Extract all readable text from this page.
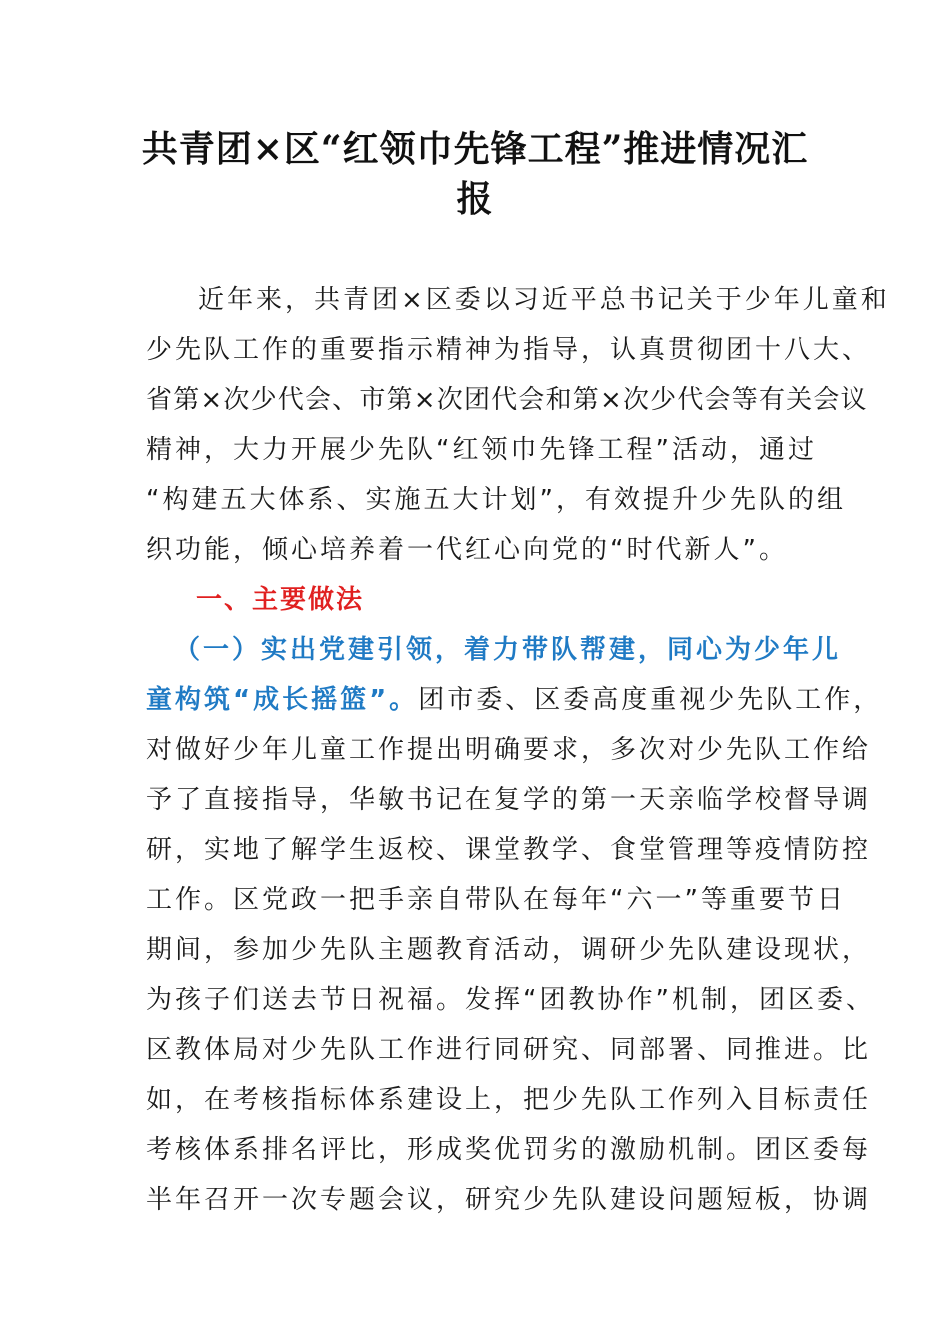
共青团×区“红领巾先锋工程”推进情况汇
报
近年来，共青团×区委以习近平总书记关于少年儿童和
少先队工作的重要指示精神为指导，认真贯彻团十八大、
省第×次少代会、市第×次团代会和第×次少代会等有关会议
精神，大力开展少先队“红领巾先锋工程”活动，通过
“构建五大体系、实施五大计划”，有效提升少先队的组
织功能，倾心培养着一代红心向党的“时代新人”。
一、主要做法
（一）实出党建引领，着力带队帮建，同心为少年儿
童构筑“成长摇篮”。团市委、区委高度重视少先队工作，
对做好少年儿童工作提出明确要求，多次对少先队工作给
予了直接指导，华敏书记在复学的第一天亲临学校督导调
研，实地了解学生返校、课堂教学、食堂管理等疫情防控
工作。区党政一把手亲自带队在每年“六一”等重要节日
期间，参加少先队主题教育活动，调研少先队建设现状，
为孩子们送去节日祝福。发挥“团教协作”机制，团区委、
区教体局对少先队工作进行同研究、同部署、同推进。比
如，在考核指标体系建设上，把少先队工作列入目标责任
考核体系排名评比，形成奖优罚劣的激励机制。团区委每
半年召开一次专题会议，研究少先队建设问题短板，协调
